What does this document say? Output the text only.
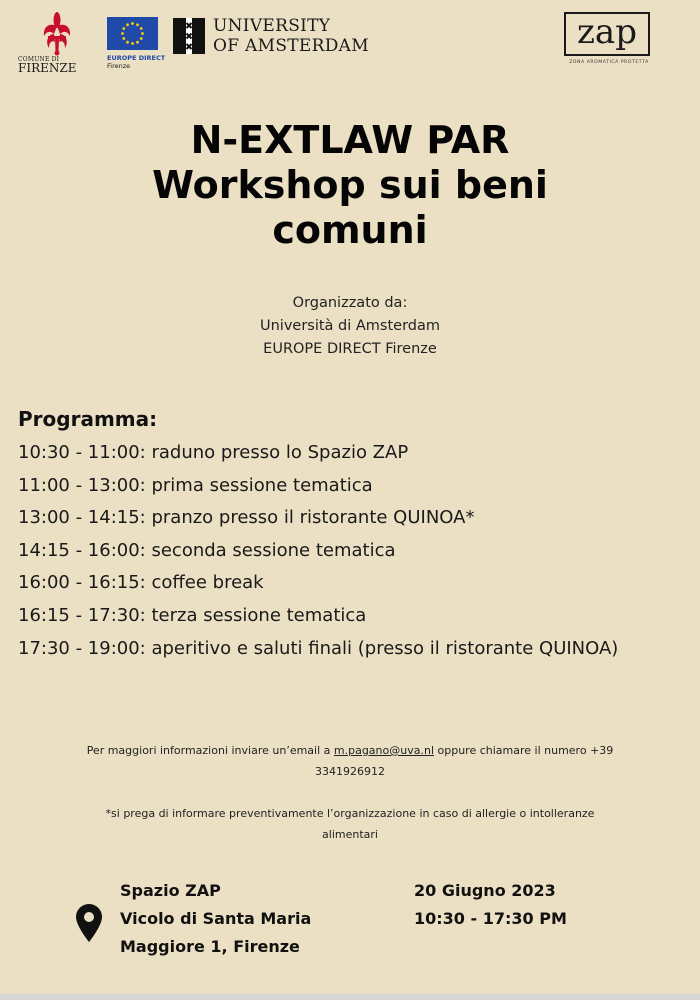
COMUNE DI
FIRENZE
EUROPE DIRECT
Firenze
UNIVERSITY
OF AMSTERDAM	zap
ZONA AROMATICA PROTETTA
N-EXTLAW PAR
Workshop sui beni
comuni
Organizzato da:
Università di Amsterdam
EUROPE DIRECT Firenze
Programma:
10:30 - 11:00: raduno presso lo Spazio ZAP
11:00 - 13:00: prima sessione tematica
13:00 - 14:15: pranzo presso il ristorante QUINOA*
14:15 - 16:00: seconda sessione tematica
16:00 - 16:15: coffee break
16:15 - 17:30: terza sessione tematica
17:30 - 19:00: aperitivo e saluti finali (presso il ristorante QUINOA)
Per maggiori informazioni inviare un’email a m.pagano@uva.nl oppure chiamare il numero +39 3341926912
*si prega di informare preventivamente l’organizzazione in caso di allergie o intolleranze alimentari
Spazio ZAP
Vicolo di Santa Maria
Maggiore 1, Firenze
20 Giugno 2023
10:30 - 17:30 PM
